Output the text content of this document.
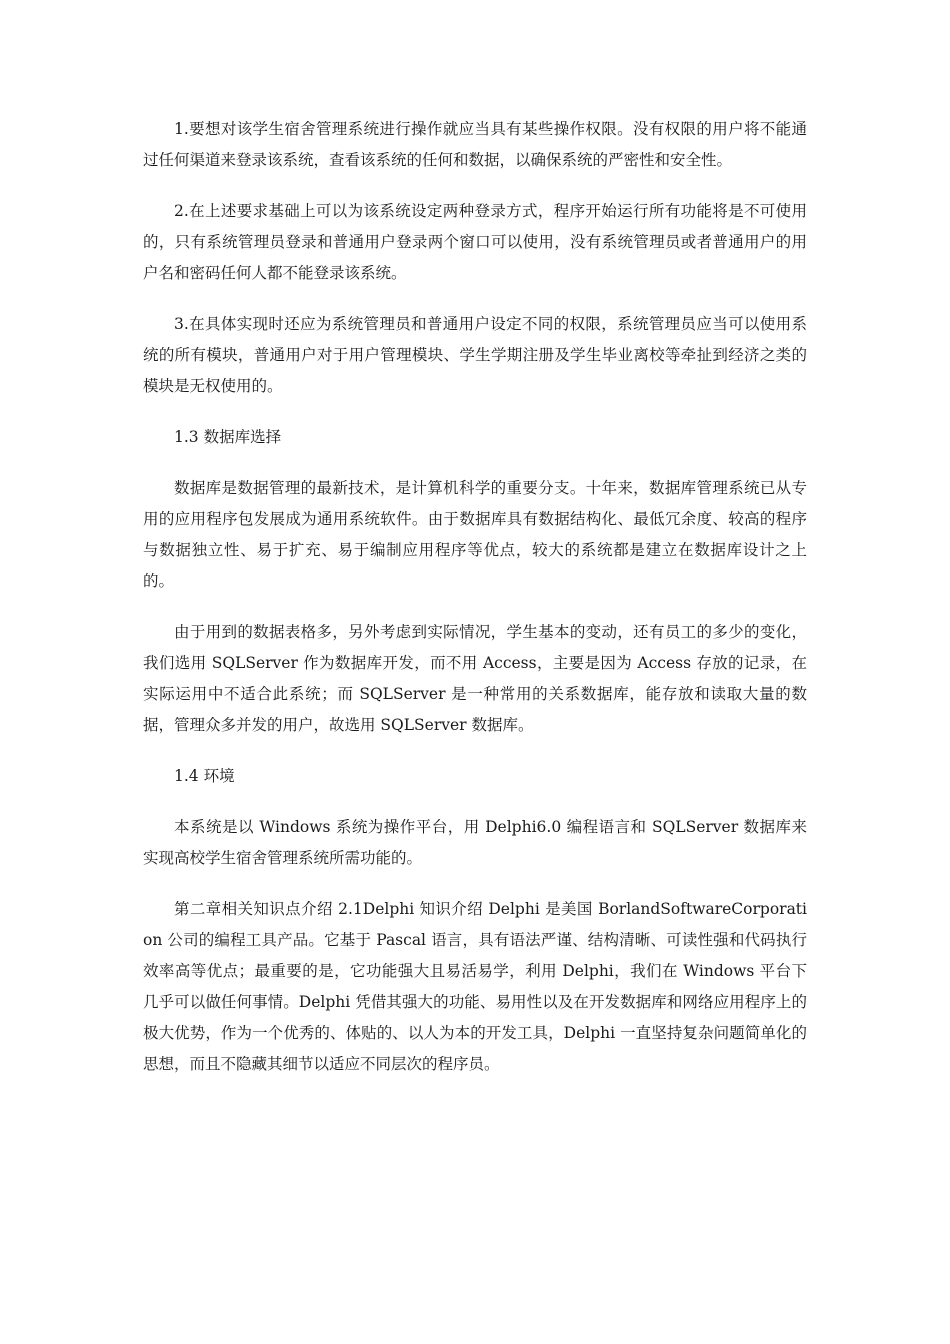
1.要想对该学生宿舍管理系统进行操作就应当具有某些操作权限。没有权限的用户将不能通过任何渠道来登录该系统，查看该系统的任何和数据，以确保系统的严密性和安全性。

2.在上述要求基础上可以为该系统设定两种登录方式，程序开始运行所有功能将是不可使用的，只有系统管理员登录和普通用户登录两个窗口可以使用，没有系统管理员或者普通用户的用户名和密码任何人都不能登录该系统。

3.在具体实现时还应为系统管理员和普通用户设定不同的权限，系统管理员应当可以使用系统的所有模块，普通用户对于用户管理模块、学生学期注册及学生毕业离校等牵扯到经济之类的模块是无权使用的。

1.3 数据库选择

数据库是数据管理的最新技术，是计算机科学的重要分支。十年来，数据库管理系统已从专用的应用程序包发展成为通用系统软件。由于数据库具有数据结构化、最低冗余度、较高的程序与数据独立性、易于扩充、易于编制应用程序等优点，较大的系统都是建立在数据库设计之上的。

由于用到的数据表格多，另外考虑到实际情况，学生基本的变动，还有员工的多少的变化，我们选用 SQLServer 作为数据库开发，而不用 Access，主要是因为 Access 存放的记录，在实际运用中不适合此系统；而 SQLServer 是一种常用的关系数据库，能存放和读取大量的数据，管理众多并发的用户，故选用 SQLServer 数据库。

1.4 环境

本系统是以 Windows 系统为操作平台，用 Delphi6.0 编程语言和 SQLServer 数据库来实现高校学生宿舍管理系统所需功能的。

第二章相关知识点介绍 2.1Delphi 知识介绍 Delphi 是美国 BorlandSoftwareCorporation 公司的编程工具产品。它基于 Pascal 语言，具有语法严谨、结构清晰、可读性强和代码执行效率高等优点；最重要的是，它功能强大且易活易学，利用 Delphi，我们在 Windows 平台下几乎可以做任何事情。Delphi 凭借其强大的功能、易用性以及在开发数据库和网络应用程序上的极大优势，作为一个优秀的、体贴的、以人为本的开发工具，Delphi 一直坚持复杂问题简单化的思想，而且不隐藏其细节以适应不同层次的程序员。
